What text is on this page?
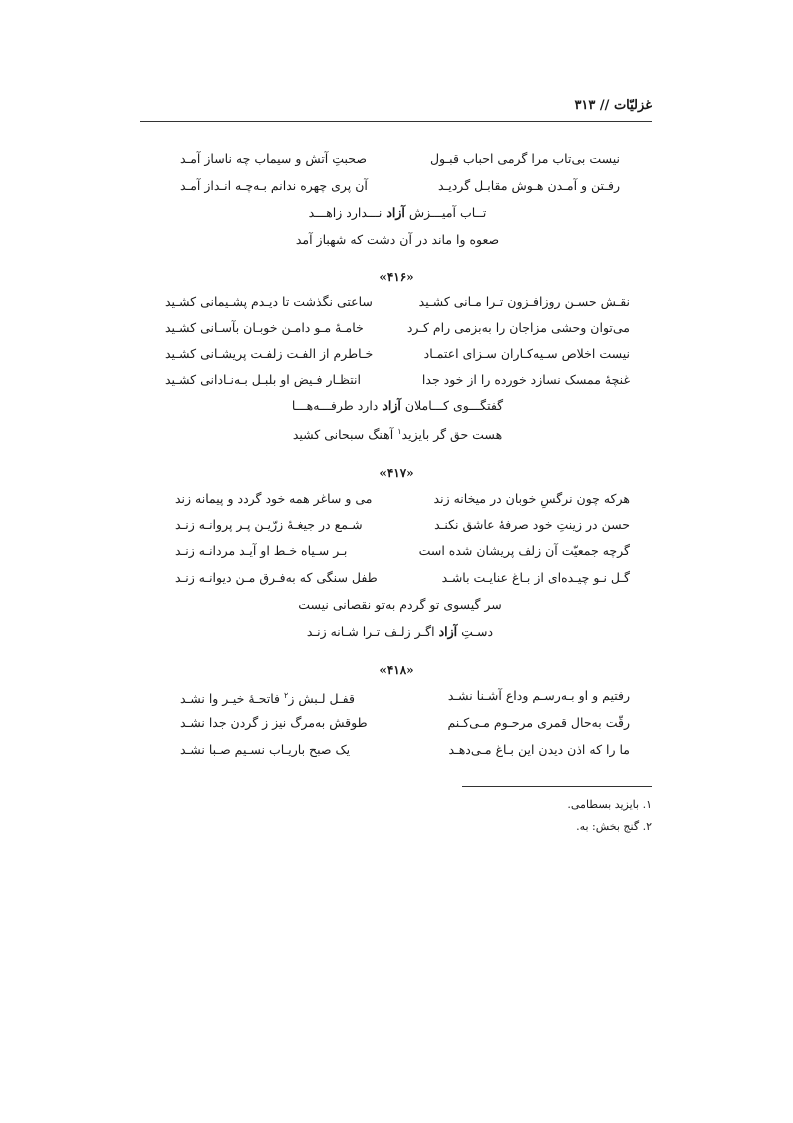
غزلیّات // ۳۱۳
نیست بی‌تاب مرا گرمی احباب قبـول
صحبتِ آتش و سیماب چه ناساز آمـد
رفـتن و آمـدن هـوش مقابـل گردیـد
آن پری چهره ندانم بـه‌چـه انـداز آمـد
تــاب آمیـــزش آزاد نـــدارد زاهـــد
صعوه وا ماند در آن دشت که شهباز آمد
«۴۱۶»
نقـش حسـن روزافـزون تـرا مـانی کشـید
ساعتی نگذشت تا دیـدم پشـیمانی کشـید
می‌توان وحشی مزاجان را به‌بزمی رام کـرد
خامـۀ مـو دامـن خوبـان بآسـانی کشـید
نیست اخلاص سـیه‌کـاران سـزای اعتمـاد
خـاطرم از الفـت زلفـت پریشـانی کشـید
غنچۀ ممسک نسازد خورده را از خود جدا
انتظـار فـیض او بلبـل بـه‌نـادانی کشـید
گفتگـــوی کـــاملان آزاد دارد طرفـــه‌هـــا
هست حق گر بایزید$^۱$ آهنگ سبحانی کشید
«۴۱۷»
هرکه چون نرگسِ خوبان در میخانه زند
می و ساغر همه خود گردد و پیمانه زند
حسن در زینتِ خود صرفۀ عاشق نکنـد
شـمع در جیغـۀ زرّیـن پـر پروانـه زنـد
گرچه جمعیّت آن زلف پریشان شده است
بـر سـیاه خـط او آیـد مردانـه زنـد
گـل نـو چیـده‌ای از بـاغ عنایـت باشـد
طفل سنگی که به‌فـرق مـن دیوانـه زنـد
سر گیسوی تو گردم به‌تو نقصانی نیست
دسـتِ آزاد اگـر زلـف تـرا شـانه زنـد
«۴۱۸»
رفتیم و او بـه‌رسـم وداع آشـنا نشـد
قفـل لـبش ز$^۲$ فاتحـۀ خیـر وا نشـد
رقّت به‌حال قمری مرحـوم مـی‌کـنم
طوقش به‌مرگ نیز ز گردن جدا نشـد
ما را که اذن دیدن این بـاغ مـی‌دهـد
یک صبح باریـاب نسـیم صـبا نشـد
۱. بایزید بسطامی.
۲. گنج بخش: به.
